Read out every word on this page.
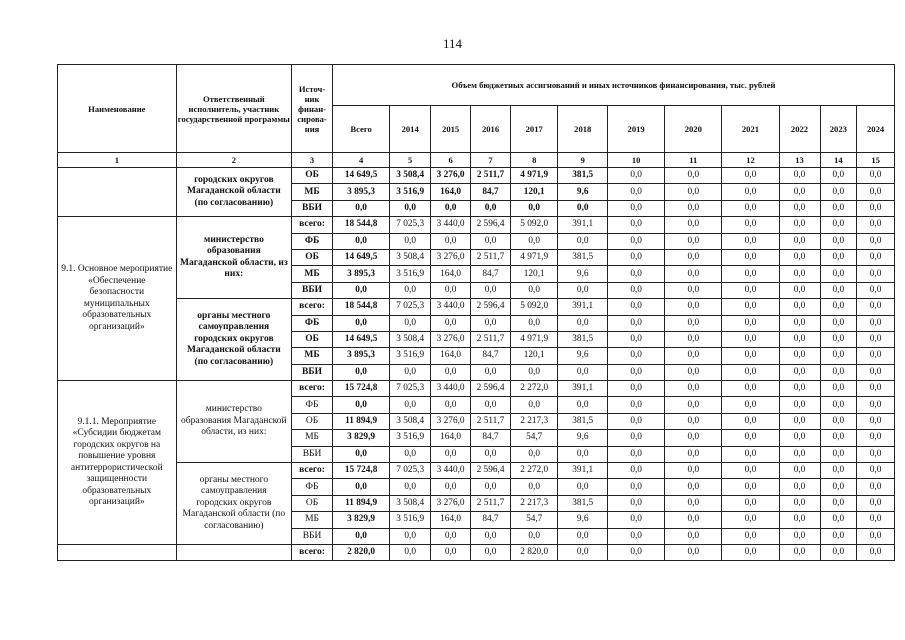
114
Наименование	Ответственный исполнитель, участник государственной программы	Источ-ник финан-сирова-ния	Объем бюджетных ассигнований и иных источников финансирования, тыс. рублей											
			Всего	2014	2015	2016	2017	2018	2019	2020	2021	2022	2023	2024
1	2	3	4	5	6	7	8	9	10	11	12	13	14	15
	городских округов Магаданской области (по согласованию)	ОБ	14 649,5	3 508,4	3 276,0	2 511,7	4 971,9	381,5	0,0	0,0	0,0	0,0	0,0	0,0
		МБ	3 895,3	3 516,9	164,0	84,7	120,1	9,6	0,0	0,0	0,0	0,0	0,0	0,0
		ВБИ	0,0	0,0	0,0	0,0	0,0	0,0	0,0	0,0	0,0	0,0	0,0	0,0
9.1. Основное мероприятие «Обеспечение безопасности муниципальных образовательных организаций»	министерство образования Магаданской области, из них:	всего:	18 544,8	7 025,3	3 440,0	2 596,4	5 092,0	391,1	0,0	0,0	0,0	0,0	0,0	0,0
		ФБ	0,0	0,0	0,0	0,0	0,0	0,0	0,0	0,0	0,0	0,0	0,0	0,0
		ОБ	14 649,5	3 508,4	3 276,0	2 511,7	4 971,9	381,5	0,0	0,0	0,0	0,0	0,0	0,0
		МБ	3 895,3	3 516,9	164,0	84,7	120,1	9,6	0,0	0,0	0,0	0,0	0,0	0,0
		ВБИ	0,0	0,0	0,0	0,0	0,0	0,0	0,0	0,0	0,0	0,0	0,0	0,0
	органы местного самоуправления городских округов Магаданской области (по согласованию)	всего:	18 544,8	7 025,3	3 440,0	2 596,4	5 092,0	391,1	0,0	0,0	0,0	0,0	0,0	0,0
		ФБ	0,0	0,0	0,0	0,0	0,0	0,0	0,0	0,0	0,0	0,0	0,0	0,0
		ОБ	14 649,5	3 508,4	3 276,0	2 511,7	4 971,9	381,5	0,0	0,0	0,0	0,0	0,0	0,0
		МБ	3 895,3	3 516,9	164,0	84,7	120,1	9,6	0,0	0,0	0,0	0,0	0,0	0,0
		ВБИ	0,0	0,0	0,0	0,0	0,0	0,0	0,0	0,0	0,0	0,0	0,0	0,0
9.1.1. Мероприятие «Субсидии бюджетам городских округов на повышение уровня антитеррористической защищенности образовательных организаций»	министерство образования Магаданской области, из них:	всего:	15 724,8	7 025,3	3 440,0	2 596,4	2 272,0	391,1	0,0	0,0	0,0	0,0	0,0	0,0
		ФБ	0,0	0,0	0,0	0,0	0,0	0,0	0,0	0,0	0,0	0,0	0,0	0,0
		ОБ	11 894,9	3 508,4	3 276,0	2 511,7	2 217,3	381,5	0,0	0,0	0,0	0,0	0,0	0,0
		МБ	3 829,9	3 516,9	164,0	84,7	54,7	9,6	0,0	0,0	0,0	0,0	0,0	0,0
		ВБИ	0,0	0,0	0,0	0,0	0,0	0,0	0,0	0,0	0,0	0,0	0,0	0,0
	органы местного самоуправления городских округов Магаданской области (по согласованию)	всего:	15 724,8	7 025,3	3 440,0	2 596,4	2 272,0	391,1	0,0	0,0	0,0	0,0	0,0	0,0
		ФБ	0,0	0,0	0,0	0,0	0,0	0,0	0,0	0,0	0,0	0,0	0,0	0,0
		ОБ	11 894,9	3 508,4	3 276,0	2 511,7	2 217,3	381,5	0,0	0,0	0,0	0,0	0,0	0,0
		МБ	3 829,9	3 516,9	164,0	84,7	54,7	9,6	0,0	0,0	0,0	0,0	0,0	0,0
		ВБИ	0,0	0,0	0,0	0,0	0,0	0,0	0,0	0,0	0,0	0,0	0,0	0,0
		всего:	2 820,0	0,0	0,0	0,0	2 820,0	0,0	0,0	0,0	0,0	0,0	0,0	0,0
